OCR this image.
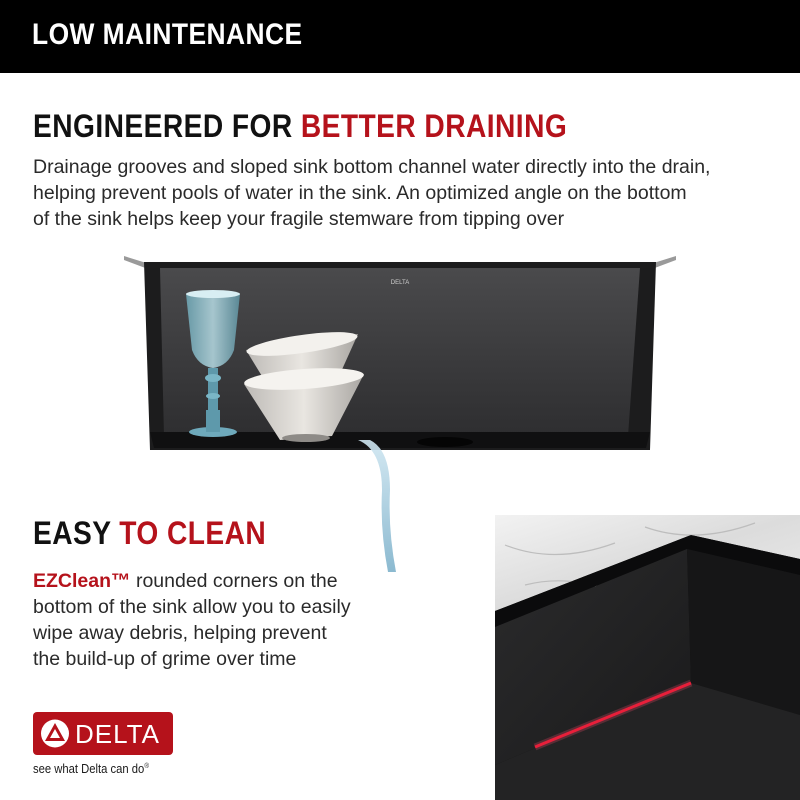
LOW MAINTENANCE
ENGINEERED FOR BETTER DRAINING
Drainage grooves and sloped sink bottom channel water directly into the drain,
helping prevent pools of water in the sink. An optimized angle on the bottom
of the sink helps keep your fragile stemware from tipping over
DELTA
EASY TO CLEAN
EZClean™ rounded corners on the
bottom of the sink allow you to easily
wipe away debris, helping prevent
the build-up of grime over time
DELTA
see what Delta can do®
